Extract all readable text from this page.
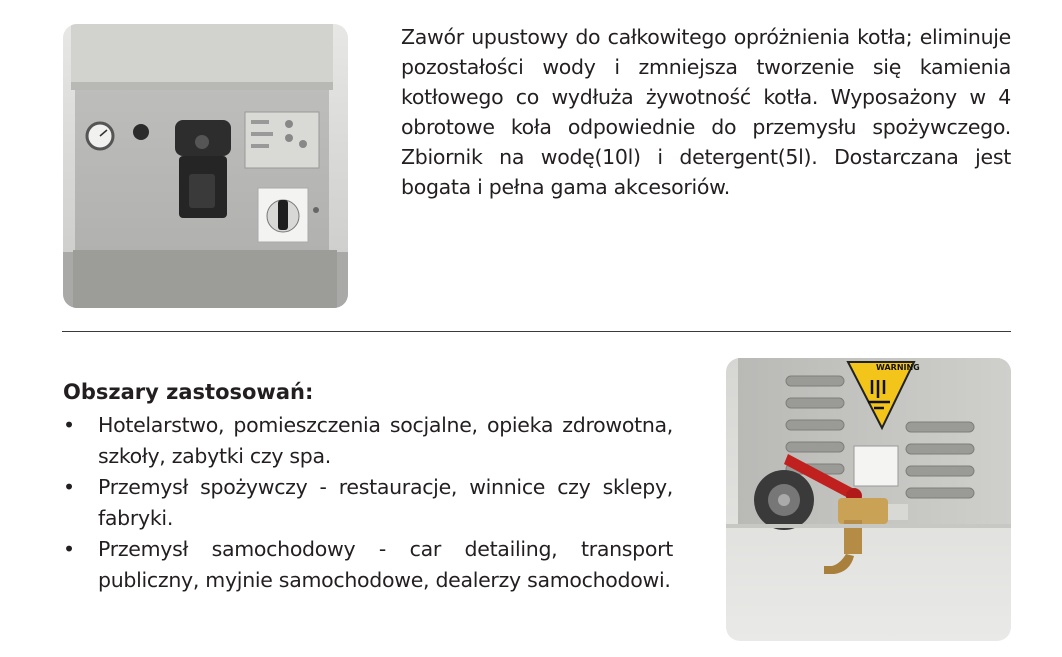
Zawór upustowy do całkowitego opróżnienia kotła; eliminuje pozostałości wody i zmniejsza tworzenie się kamienia kotłowego co wydłuża żywotność kotła. Wyposażony w 4 obrotowe koła odpowiednie do przemysłu spożywczego. Zbiornik na wodę(10l) i detergent(5l). Dostarczana jest bogata i pełna gama akcesoriów.

Obszary zastosowań:
• Hotelarstwo, pomieszczenia socjalne, opieka zdrowotna, szkoły, zabytki czy spa.
• Przemysł spożywczy - restauracje, winnice czy sklepy, fabryki.
• Przemysł samochodowy - car detailing, transport publiczny, myjnie samochodowe, dealerzy samochodowi.
WARNING
